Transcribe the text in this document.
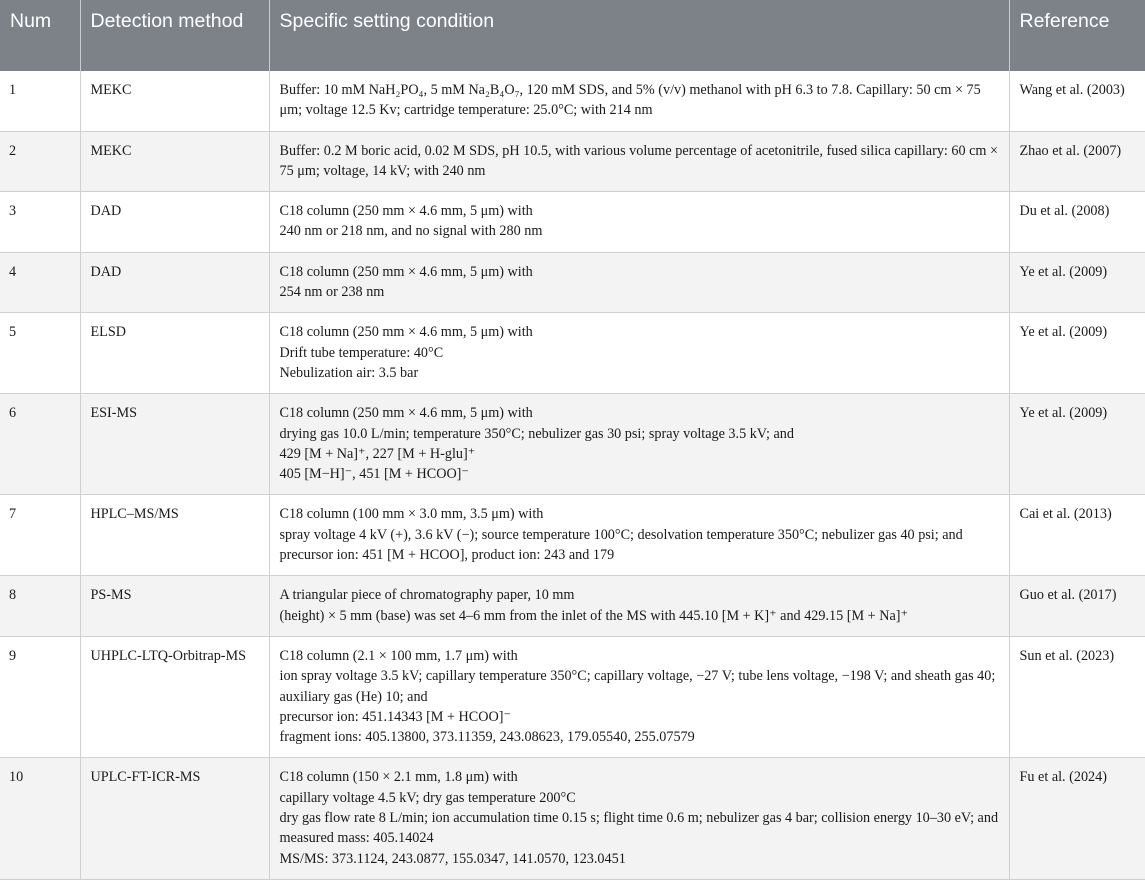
Num	Detection method	Specific setting condition	Reference
1	MEKC	Buffer: 10 mM NaH₂PO₄, 5 mM Na₂B₄O₇, 120 mM SDS, and 5% (v/v) methanol with pH 6.3 to 7.8. Capillary: 50 cm × 75 μm; voltage 12.5 Kv; cartridge temperature: 25.0°C; with 214 nm	Wang et al. (2003)
2	MEKC	Buffer: 0.2 M boric acid, 0.02 M SDS, pH 10.5, with various volume percentage of acetonitrile, fused silica capillary: 60 cm × 75 μm; voltage, 14 kV; with 240 nm	Zhao et al. (2007)
3	DAD	C18 column (250 mm × 4.6 mm, 5 μm) with
240 nm or 218 nm, and no signal with 280 nm	Du et al. (2008)
4	DAD	C18 column (250 mm × 4.6 mm, 5 μm) with
254 nm or 238 nm	Ye et al. (2009)
5	ELSD	C18 column (250 mm × 4.6 mm, 5 μm) with
Drift tube temperature: 40°C
Nebulization air: 3.5 bar	Ye et al. (2009)
6	ESI-MS	C18 column (250 mm × 4.6 mm, 5 μm) with
drying gas 10.0 L/min; temperature 350°C; nebulizer gas 30 psi; spray voltage 3.5 kV; and
429 [M + Na]⁺, 227 [M + H-glu]⁺
405 [M−H]⁻, 451 [M + HCOO]⁻	Ye et al. (2009)
7	HPLC–MS/MS	C18 column (100 mm × 3.0 mm, 3.5 μm) with
spray voltage 4 kV (+), 3.6 kV (−); source temperature 100°C; desolvation temperature 350°C; nebulizer gas 40 psi; and precursor ion: 451 [M + HCOO], product ion: 243 and 179	Cai et al. (2013)
8	PS-MS	A triangular piece of chromatography paper, 10 mm
(height) × 5 mm (base) was set 4–6 mm from the inlet of the MS with 445.10 [M + K]⁺ and 429.15 [M + Na]⁺	Guo et al. (2017)
9	UHPLC-LTQ-Orbitrap-MS	C18 column (2.1 × 100 mm, 1.7 μm) with
ion spray voltage 3.5 kV; capillary temperature 350°C; capillary voltage, −27 V; tube lens voltage, −198 V; and sheath gas 40; auxiliary gas (He) 10; and
precursor ion: 451.14343 [M + HCOO]⁻
fragment ions: 405.13800, 373.11359, 243.08623, 179.05540, 255.07579	Sun et al. (2023)
10	UPLC-FT-ICR-MS	C18 column (150 × 2.1 mm, 1.8 μm) with
capillary voltage 4.5 kV; dry gas temperature 200°C
dry gas flow rate 8 L/min; ion accumulation time 0.15 s; flight time 0.6 m; nebulizer gas 4 bar; collision energy 10–30 eV; and measured mass: 405.14024
MS/MS: 373.1124, 243.0877, 155.0347, 141.0570, 123.0451	Fu et al. (2024)
